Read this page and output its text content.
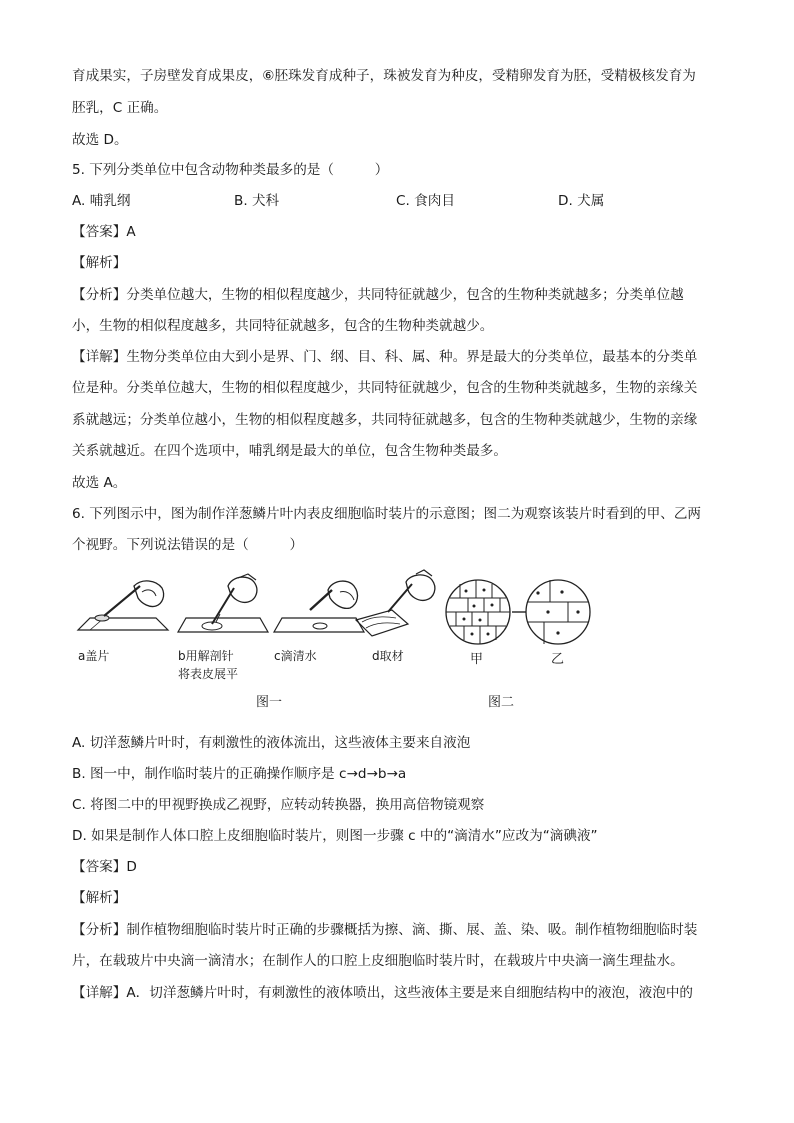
育成果实，子房壁发育成果皮，⑥胚珠发育成种子，珠被发育为种皮，受精卵发育为胚，受精极核发育为
胚乳，C 正确。
故选 D。
5. 下列分类单位中包含动物种类最多的是（　　　）
A. 哺乳纲	B. 犬科	C. 食肉目	D. 犬属
【答案】A
【解析】
【分析】分类单位越大，生物的相似程度越少，共同特征就越少，包含的生物种类就越多；分类单位越
小，生物的相似程度越多，共同特征就越多，包含的生物种类就越少。
【详解】生物分类单位由大到小是界、门、纲、目、科、属、种。界是最大的分类单位，最基本的分类单
位是种。分类单位越大，生物的相似程度越少，共同特征就越少，包含的生物种类就越多，生物的亲缘关
系就越远；分类单位越小，生物的相似程度越多，共同特征就越多，包含的生物种类就越少，生物的亲缘
关系就越近。在四个选项中，哺乳纲是最大的单位，包含生物种类最多。
故选 A。
6. 下列图示中，图为制作洋葱鳞片叶内表皮细胞临时装片的示意图；图二为观察该装片时看到的甲、乙两
个视野。下列说法错误的是（　　　）
a盖片	b用解剖针
将表皮展平
c滴清水	d取材	甲	乙
图一	图二
A. 切洋葱鳞片叶时，有刺激性的液体流出，这些液体主要来自液泡
B. 图一中，制作临时装片的正确操作顺序是 c→d→b→a
C. 将图二中的甲视野换成乙视野，应转动转换器，换用高倍物镜观察
D. 如果是制作人体口腔上皮细胞临时装片，则图一步骤 c 中的“滴清水”应改为“滴碘液”
【答案】D
【解析】
【分析】制作植物细胞临时装片时正确的步骤概括为擦、滴、撕、展、盖、染、吸。制作植物细胞临时装
片，在载玻片中央滴一滴清水；在制作人的口腔上皮细胞临时装片时，在载玻片中央滴一滴生理盐水。
【详解】A．切洋葱鳞片叶时，有刺激性的液体喷出，这些液体主要是来自细胞结构中的液泡，液泡中的
